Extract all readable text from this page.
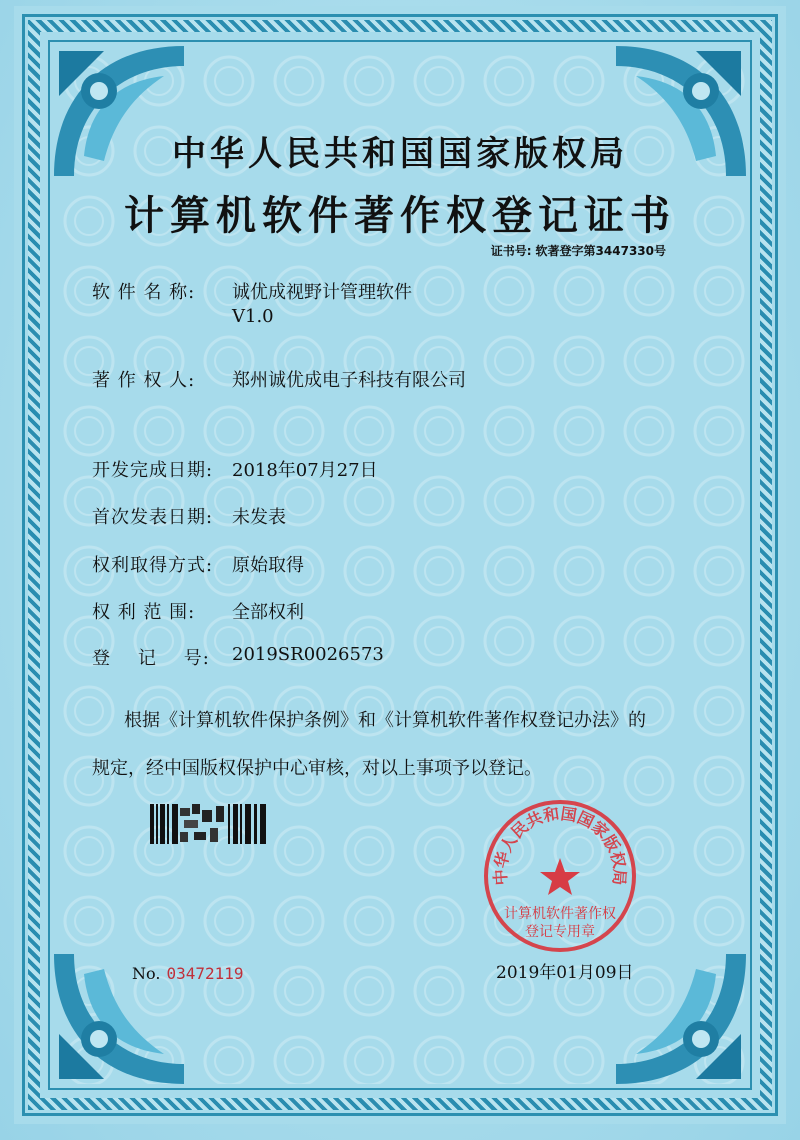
中华人民共和国国家版权局
计算机软件著作权登记证书
证书号: 软著登字第3447330号
软 件 名 称:	诚优成视野计管理软件
V1.0
著 作 权 人:	郑州诚优成电子科技有限公司
开发完成日期:	2018年07月27日
首次发表日期:	未发表
权利取得方式:	原始取得
权 利 范 围:	全部权利
登    记    号:	2019SR0026573
根据《计算机软件保护条例》和《计算机软件著作权登记办法》的
规定，经中国版权保护中心审核，对以上事项予以登记。
No. 03472119
中华人民共和国国家版权局
计算机软件著作权
登记专用章
2019年01月09日
